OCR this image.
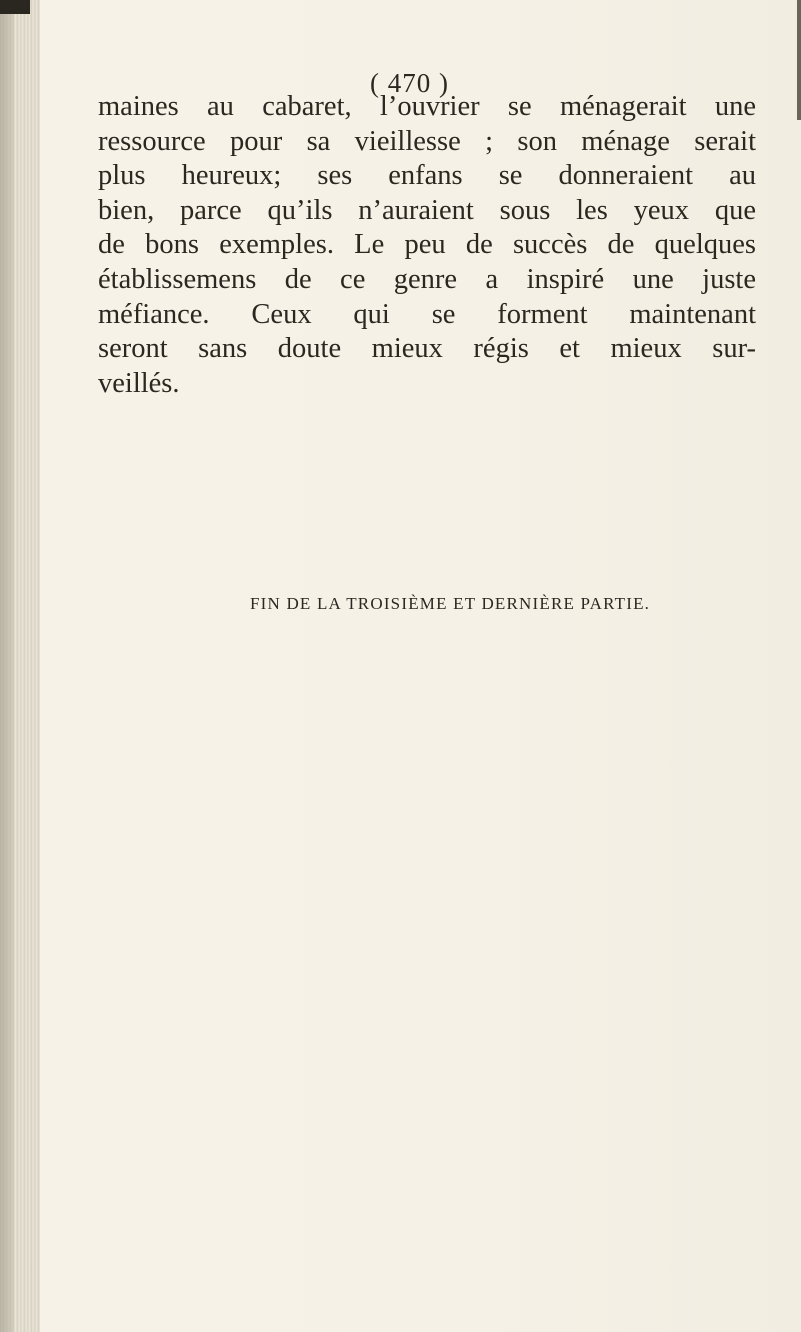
( 470 )
maines au cabaret, l’ouvrier se ménagerait une
ressource pour sa vieillesse ; son ménage serait
plus heureux; ses enfans se donneraient au
bien, parce qu’ils n’auraient sous les yeux que
de bons exemples. Le peu de succès de quelques
établissemens de ce genre a inspiré une juste
méfiance. Ceux qui se forment maintenant
seront sans doute mieux régis et mieux sur-
veillés.
FIN DE LA TROISIÈME ET DERNIÈRE PARTIE.
